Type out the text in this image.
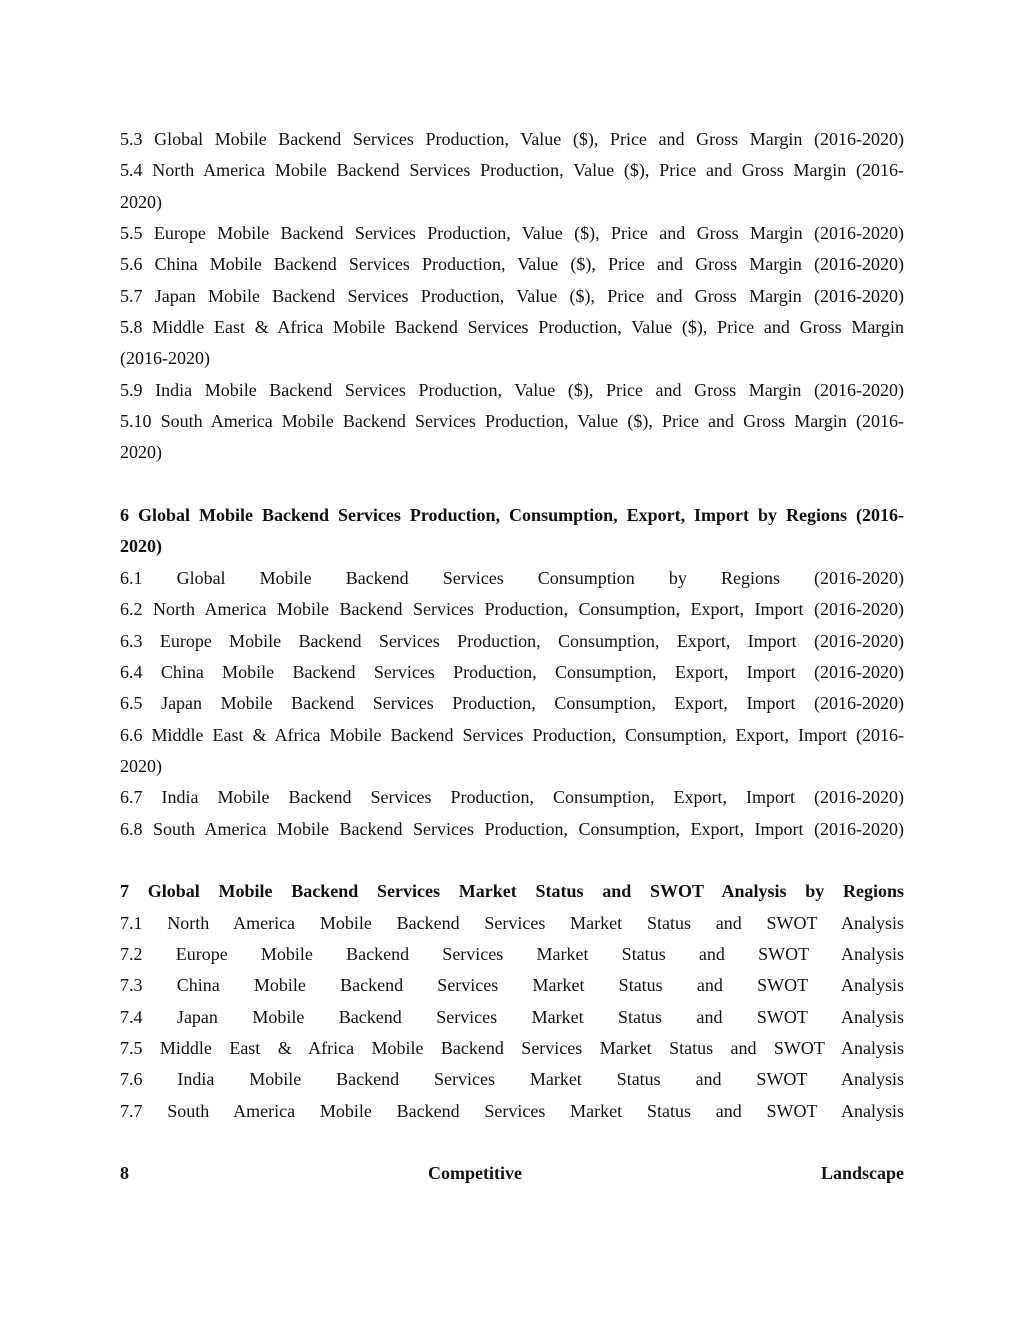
5.3 Global Mobile Backend Services Production, Value ($), Price and Gross Margin (2016-2020)
5.4 North America Mobile Backend Services Production, Value ($), Price and Gross Margin (2016-
2020)
5.5 Europe Mobile Backend Services Production, Value ($), Price and Gross Margin (2016-2020)
5.6 China Mobile Backend Services Production, Value ($), Price and Gross Margin (2016-2020)
5.7 Japan Mobile Backend Services Production, Value ($), Price and Gross Margin (2016-2020)
5.8 Middle East & Africa Mobile Backend Services Production, Value ($), Price and Gross Margin
(2016-2020)
5.9 India Mobile Backend Services Production, Value ($), Price and Gross Margin (2016-2020)
5.10 South America Mobile Backend Services Production, Value ($), Price and Gross Margin (2016-
2020)
6 Global Mobile Backend Services Production, Consumption, Export, Import by Regions (2016-
2020)
6.1 Global Mobile Backend Services Consumption by Regions (2016-2020)
6.2 North America Mobile Backend Services Production, Consumption, Export, Import (2016-2020)
6.3 Europe Mobile Backend Services Production, Consumption, Export, Import (2016-2020)
6.4 China Mobile Backend Services Production, Consumption, Export, Import (2016-2020)
6.5 Japan Mobile Backend Services Production, Consumption, Export, Import (2016-2020)
6.6 Middle East & Africa Mobile Backend Services Production, Consumption, Export, Import (2016-
2020)
6.7 India Mobile Backend Services Production, Consumption, Export, Import (2016-2020)
6.8 South America Mobile Backend Services Production, Consumption, Export, Import (2016-2020)
7 Global Mobile Backend Services Market Status and SWOT Analysis by Regions
7.1 North America Mobile Backend Services Market Status and SWOT Analysis
7.2 Europe Mobile Backend Services Market Status and SWOT Analysis
7.3 China Mobile Backend Services Market Status and SWOT Analysis
7.4 Japan Mobile Backend Services Market Status and SWOT Analysis
7.5 Middle East & Africa Mobile Backend Services Market Status and SWOT Analysis
7.6 India Mobile Backend Services Market Status and SWOT Analysis
7.7 South America Mobile Backend Services Market Status and SWOT Analysis
8 Competitive Landscape
